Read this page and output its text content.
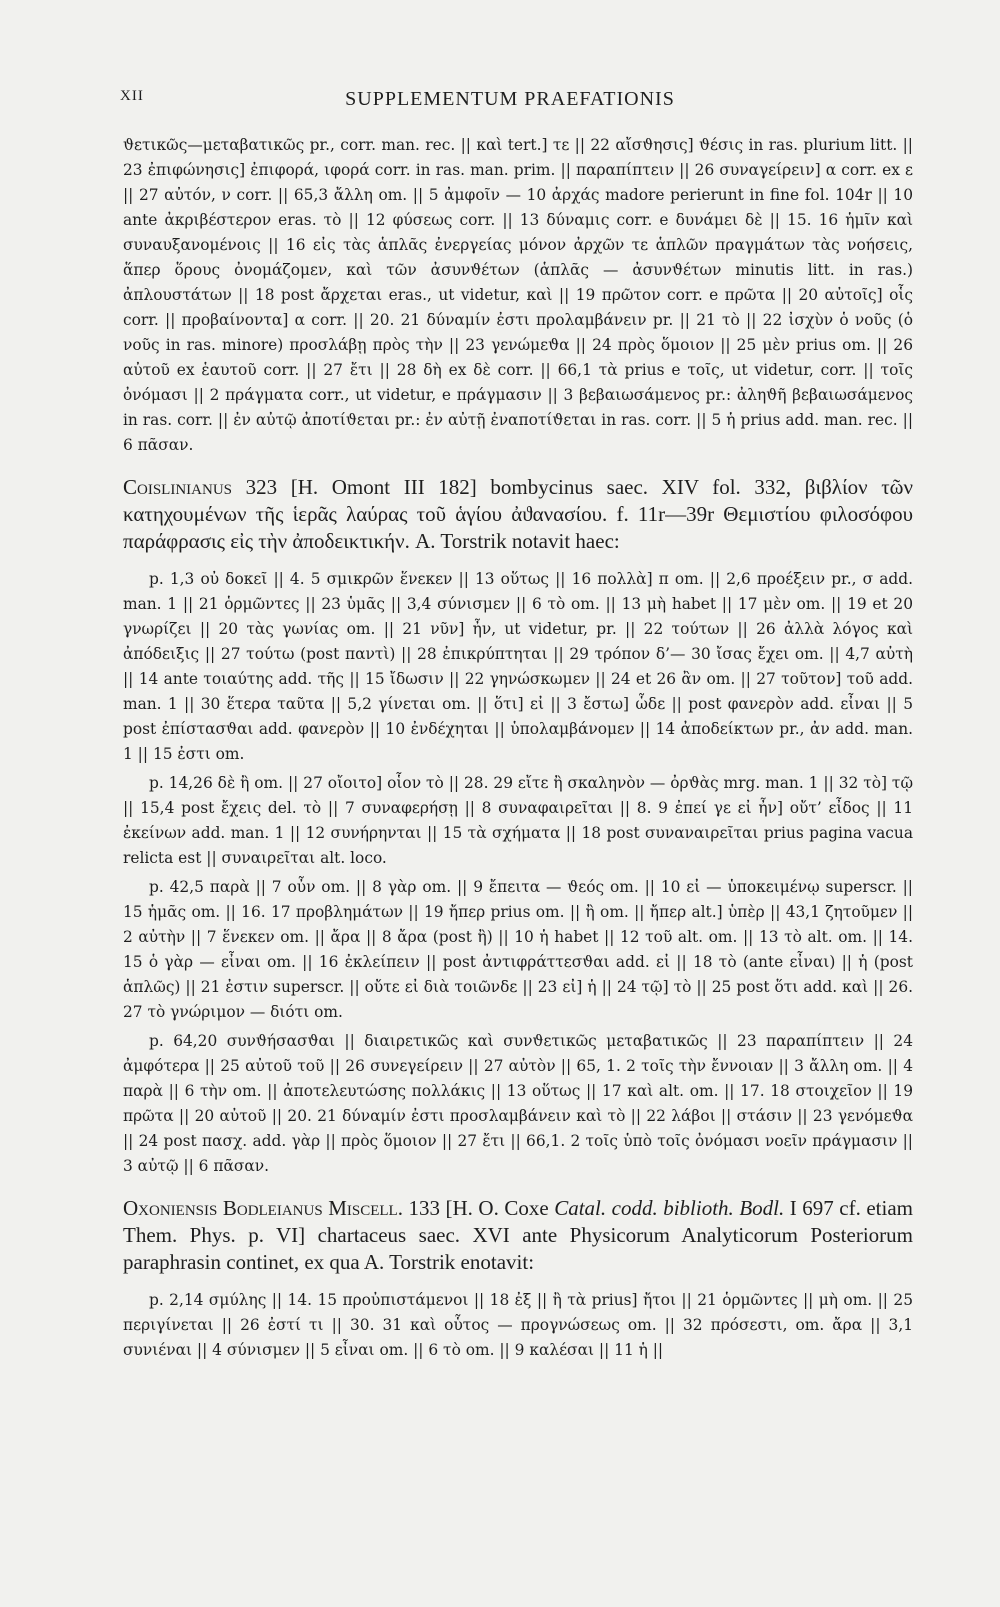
XII	SUPPLEMENTUM PRAEFATIONIS

ϑετικῶς—μεταβατικῶς pr., corr. man. rec. || καὶ tert.] τε || 22 αἴσϑησις] ϑέσις in ras. plurium litt. || 23 ἐπιφώνησις] ἐπιφορά, ιφορά corr. in ras. man. prim. || παραπίπτειν || 26 συναγείρειν] α corr. ex ε || 27 αὐτόν, ν corr. || 65,3 ἄλλη om. || 5 ἀμφοῖν — 10 ἀρχάς madore perierunt in fine fol. 104r || 10 ante ἀκριβέστερον eras. τὸ || 12 φύσεως corr. || 13 δύναμις corr. e δυνάμει δὲ || 15. 16 ἡμῖν καὶ συναυξανομένοις || 16 εἰς τὰς ἁπλᾶς ἐνεργείας μόνον ἀρχῶν τε ἁπλῶν πραγμάτων τὰς νοήσεις, ἅπερ ὅρους ὀνομάζομεν, καὶ τῶν ἀσυνϑέτων (ἁπλᾶς — ἀσυνϑέτων minutis litt. in ras.) ἀπλουστάτων || 18 post ἄρχεται eras., ut videtur, καὶ || 19 πρῶτον corr. e πρῶτα || 20 αὐτοῖς] οἷς corr. || προβαίνοντα] α corr. || 20. 21 δύναμίν ἐστι προλαμβάνειν pr. || 21 τὸ || 22 ἰσχὺν ὁ νοῦς (ὁ νοῦς in ras. minore) προσλάβῃ πρὸς τὴν || 23 γενώμεϑα || 24 πρὸς ὅμοιον || 25 μὲν prius om. || 26 αὐτοῦ ex ἑαυτοῦ corr. || 27 ἔτι || 28 δὴ ex δὲ corr. || 66,1 τὰ prius e τοῖς, ut videtur, corr. || τοῖς ὀνόμασι || 2 πράγματα corr., ut videtur, e πράγμασιν || 3 βεβαιωσάμενος pr.: ἀληϑῆ βεβαιωσάμενος in ras. corr. || ἐν αὐτῷ ἀποτίϑεται pr.: ἐν αὐτῇ ἐναποτίϑεται in ras. corr. || 5 ἡ prius add. man. rec. || 6 πᾶσαν.

Coislinianus 323 [H. Omont III 182] bombycinus saec. XIV fol. 332, βιβλίον τῶν κατηχουμένων τῆς ἱερᾶς λαύρας τοῦ ἁγίου ἀϑανασίου. f. 11r—39r Θεμιστίου φιλοσόφου παράφρασις εἰς τὴν ἀποδεικτικήν. A. Torstrik notavit haec:

p. 1,3 οὐ δοκεῖ || 4. 5 σμικρῶν ἕνεκεν || 13 οὕτως || 16 πολλὰ] π om. || 2,6 προέξειν pr., σ add. man. 1 || 21 ὁρμῶντες || 23 ὑμᾶς || 3,4 σύνισμεν || 6 τὸ om. || 13 μὴ habet || 17 μὲν om. || 19 et 20 γνωρίζει || 20 τὰς γωνίας om. || 21 νῦν] ἦν, ut videtur, pr. || 22 τούτων || 26 ἀλλὰ λόγος καὶ ἀπόδειξις || 27 τούτω (post παντὶ) || 28 ἐπικρύπτηται || 29 τρόπον δ’— 30 ἴσας ἔχει om. || 4,7 αὐτὴ || 14 ante τοιαύτης add. τῆς || 15 ἴδωσιν || 22 γηνώσκωμεν || 24 et 26 ἂν om. || 27 τοῦτον] τοῦ add. man. 1 || 30 ἕτερα ταῦτα || 5,2 γίνεται om. || ὅτι] εἰ || 3 ἔστω] ὧδε || post φανερὸν add. εἶναι || 5 post ἐπίστασϑαι add. φανερὸν || 10 ἐνδέχηται || ὑπολαμβάνομεν || 14 ἀποδείκτων pr., ἀν add. man. 1 || 15 ἐστι om.

p. 14,26 δὲ ἢ om. || 27 οἴοιτο] οἷον τὸ || 28. 29 εἴτε ἢ σκαληνὸν — ὀρϑὰς mrg. man. 1 || 32 τὸ] τῷ || 15,4 post ἔχεις del. τὸ || 7 συναφερήσῃ || 8 συναφαιρεῖται || 8. 9 ἐπεί γε εἰ ἦν] οὔτ’ εἶδος || 11 ἐκείνων add. man. 1 || 12 συνήρηνται || 15 τὰ σχήματα || 18 post συναναιρεῖται prius pagina vacua relicta est || συναιρεῖται alt. loco.

p. 42,5 παρὰ || 7 οὖν om. || 8 γὰρ om. || 9 ἔπειτα — ϑεός om. || 10 εἰ — ὑποκειμένῳ superscr. || 15 ἡμᾶς om. || 16. 17 προβλημάτων || 19 ἤπερ prius om. || ἢ om. || ἤπερ alt.] ὑπὲρ || 43,1 ζητοῦμεν || 2 αὐτὴν || 7 ἕνεκεν om. || ἄρα || 8 ἄρα (post ἢ) || 10 ἡ habet || 12 τοῦ alt. om. || 13 τὸ alt. om. || 14. 15 ὁ γὰρ — εἶναι om. || 16 ἐκλείπειν || post ἀντιφράττεσϑαι add. εἰ || 18 τὸ (ante εἶναι) || ἡ (post ἁπλῶς) || 21 ἐστιν superscr. || οὔτε εἰ διὰ τοιῶνδε || 23 εἰ] ἡ || 24 τῷ] τὸ || 25 post ὅτι add. καὶ || 26. 27 τὸ γνώριμον — διότι om.

p. 64,20 συνϑήσασϑαι || διαιρετικῶς καὶ συνϑετικῶς μεταβατικῶς || 23 παραπίπτειν || 24 ἀμφότερα || 25 αὐτοῦ τοῦ || 26 συνεγείρειν || 27 αὐτὸν || 65, 1. 2 τοῖς τὴν ἔννοιαν || 3 ἄλλη om. || 4 παρὰ || 6 τὴν om. || ἀποτελευτώσης πολλάκις || 13 οὕτως || 17 καὶ alt. om. || 17. 18 στοιχεῖον || 19 πρῶτα || 20 αὐτοῦ || 20. 21 δύναμίν ἐστι προσλαμβάνειν καὶ τὸ || 22 λάβοι || στάσιν || 23 γενόμεϑα || 24 post πασχ. add. γὰρ || πρὸς ὅμοιον || 27 ἔτι || 66,1. 2 τοῖς ὑπὸ τοῖς ὀνόμασι νοεῖν πράγμασιν || 3 αὐτῷ || 6 πᾶσαν.

Oxoniensis Bodleianus Miscell. 133 [H. O. Coxe Catal. codd. biblioth. Bodl. I 697 cf. etiam Them. Phys. p. VI] chartaceus saec. XVI ante Physicorum Analyticorum Posteriorum paraphrasin continet, ex qua A. Torstrik enotavit:

p. 2,14 σμύλης || 14. 15 προὐπιστάμενοι || 18 ἐξ || ἢ τὰ prius] ἤτοι || 21 ὁρμῶντες || μὴ om. || 25 περιγίνεται || 26 ἐστί τι || 30. 31 καὶ οὗτος — προγνώσεως om. || 32 πρόσεστι, om. ἄρα || 3,1 συνιέναι || 4 σύνισμεν || 5 εἶναι om. || 6 τὸ om. || 9 καλέσαι || 11 ἡ ||
